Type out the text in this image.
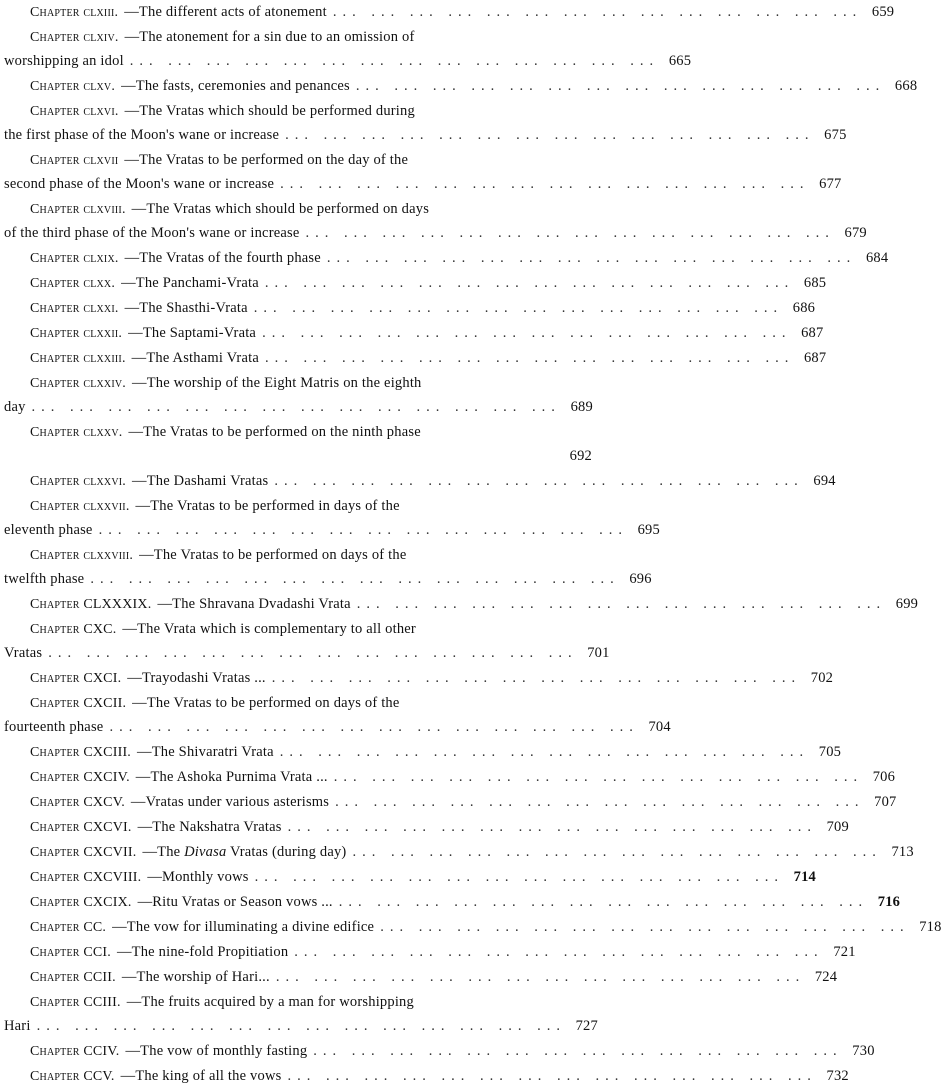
Chapter clxiii. —The different acts of atonement ... .	659
Chapter clxiv. —The atonement for a sin due to an omission of
worshipping an idol ... .	665
Chapter clxv. —The fasts, ceremonies and penances ... .	668
Chapter clxvi. —The Vratas which should be performed during
the first phase of the Moon's wane or increase ... .	675
Chapter clxvii —The Vratas to be performed on the day of the
second phase of the Moon's wane or increase ... .	677
Chapter clxviii. —The Vratas which should be performed on days
of the third phase of the Moon's wane or increase ... .	679
Chapter clxix. —The Vratas of the fourth phase ... .	684
Chapter clxx. —The Panchami-Vrata ... .	685
Chapter clxxi. —The Shasthi-Vrata ... .	686
Chapter clxxii. —The Saptami-Vrata ... .	687
Chapter clxxiii. —The Asthami Vrata ... .	687
Chapter clxxiv. —The worship of the Eight Matris on the eighth
day ... .	689
Chapter clxxv. —The Vratas to be performed on the ninth phase
692
Chapter clxxvi. —The Dashami Vratas ... .	694
Chapter clxxvii. —The Vratas to be performed in days of the
eleventh phase ... .	695
Chapter clxxviii. —The Vratas to be performed on days of the
twelfth phase ... .	696
Chapter CLXXXIX. —The Shravana Dvadashi Vrata ... .	699
Chapter CXC. —The Vrata which is complementary to all other
Vratas ... .	701
Chapter CXCI. —Trayodashi Vratas ... ... .	702
Chapter CXCII. —The Vratas to be performed on days of the
fourteenth phase ... .	704
Chapter CXCIII. —The Shivaratri Vrata ... .	705
Chapter CXCIV. —The Ashoka Purnima Vrata ... ... .	706
Chapter CXCV. —Vratas under various asterisms ... .	707
Chapter CXCVI. —The Nakshatra Vratas ... .	709
Chapter CXCVII. —The Divasa Vratas (during day) ... .	713
Chapter CXCVIII. —Monthly vows ... .	714
Chapter CXCIX. —Ritu Vratas or Season vows ... ... .	716
Chapter CC. —The vow for illuminating a divine edifice ... .	718
Chapter CCI. —The nine-fold Propitiation ... .	721
Chapter CCII. —The worship of Hari... ... .	724
Chapter CCIII. —The fruits acquired by a man for worshipping
Hari ... .	727
Chapter CCIV. —The vow of monthly fasting ... .	730
Chapter CCV. —The king of all the vows ... .	732
